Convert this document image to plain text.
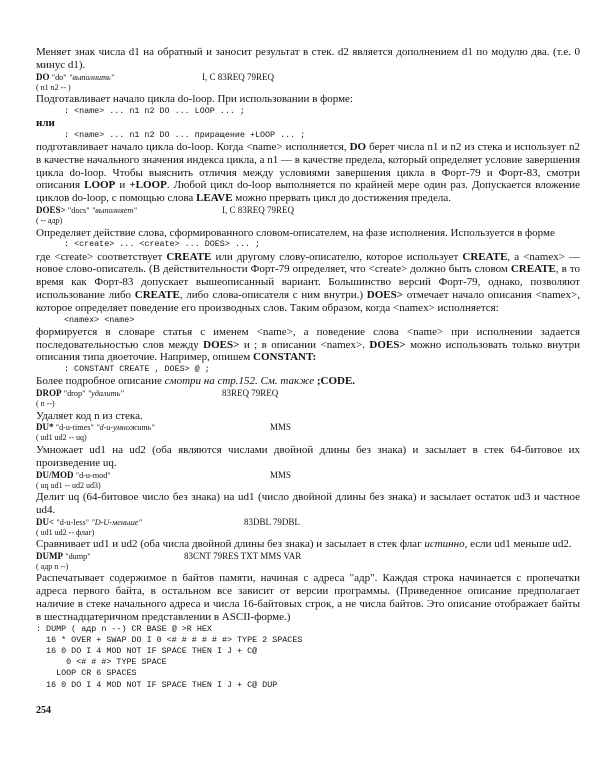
Меняет знак числа d1 на обратный и заносит результат в стек. d2 является дополнением d1 по модулю два. (т.е. 0 минус d1).

DO "do" "выполнить"	I, C 83REQ 79REQ
( n1 n2 -- )

Подготавливает начало цикла do-loop. При использовании в форме:

: <name> ... n1 n2 DO ... LOOP ... ;
или
: <name> ... n1 n2 DO ... приращение +LOOP ... ;

подготавливает начало цикла do-loop. Когда <name> исполняется, DO берет числа n1 и n2 из стека и использует n2 в качестве начального значения индекса цикла, а n1 — в качестве предела, который определяет условие завершения цикла do-loop. Чтобы выяснить отличия между условиями завершения цикла в Форт-79 и Форт-83, смотри описания LOOP и +LOOP. Любой цикл do-loop выполняется по крайней мере один раз. Допускается вложение циклов do-loop, с помощью слова LEAVE можно прервать цикл до достижения предела.

DOES> "docs" "выполняет"	I, C 83REQ 79REQ
( -- адр)

Определяет действие слова, сформированного словом-описателем, на фазе исполнения. Используется в форме

: <create> ... <create> ... DOES> ... ;

где <create> соответствует CREATE или другому слову-описателю, которое использует CREATE, а <namex> — новое слово-описатель. (В действительности Форт-79 определяет, что <create> должно быть словом CREATE, в то время как Форт-83 допускает вышеописанный вариант. Большинство версий Форт-79, однако, позволяют использование либо CREATE, либо слова-описателя с ним внутри.) DOES> отмечает начало описания <namex>, которое определяет поведение его производных слов. Таким образом, когда <namex> исполняется:

<namex> <name>

формируется в словаре статья с именем <name>, а поведение слова <name> при исполнении задается последовательностью слов между DOES> и ; в описании <namex>. DOES> можно использовать только внутри описания типа двоеточие. Например, опишем CONSTANT:

: CONSTANT CREATE , DOES> @ ;

Более подробное описание смотри на стр.152. См. также ;CODE.

DROP "drop" "удалить"	83REQ 79REQ
( n --)

Удаляет код n из стека.

DU* "d-u-times" "d-u-умножить"	MMS
( ud1 ud2 -- uq)

Умножает ud1 на ud2 (оба являются числами двойной длины без знака) и засылает в стек 64-битовое их произведение uq.

DU/MOD "d-u-mod"	MMS
( uq ud1 -- ud2 ud3)

Делит uq (64-битовое число без знака) на ud1 (число двойной длины без знака) и засылает остаток ud3 и частное ud4.

DU< "d-u-less" "D-U-меньше"	83DBL 79DBL
( ud1 ud2 -- флаг)

Сравнивает ud1 и ud2 (оба числа двойной длины без знака) и засылает в стек флаг истинно, если ud1 меньше ud2.

DUMP "dump"	83CNT 79RES TXT MMS VAR
( адр n --)

Распечатывает содержимое n байтов памяти, начиная с адреса "адр". Каждая строка начинается с пропечатки адреса первого байта, в остальном все зависит от версии программы. (Приведенное описание предполагает наличие в стеке начального адреса и числа 16-байтовых строк, а не числа байтов. Это описание отображает байты в шестнадцатеричном представлении в ASCII-форме.)

: DUMP ( адр n --) CR BASE @ >R HEX
16 * OVER + SWAP DO I 0 <# # # # # #> TYPE 2 SPACES
16 0 DO I 4 MOD NOT IF SPACE THEN I J + C@
0 <# # #> TYPE SPACE
LOOP CR 6 SPACES
16 0 DO I 4 MOD NOT IF SPACE THEN I J + C@ DUP
254
